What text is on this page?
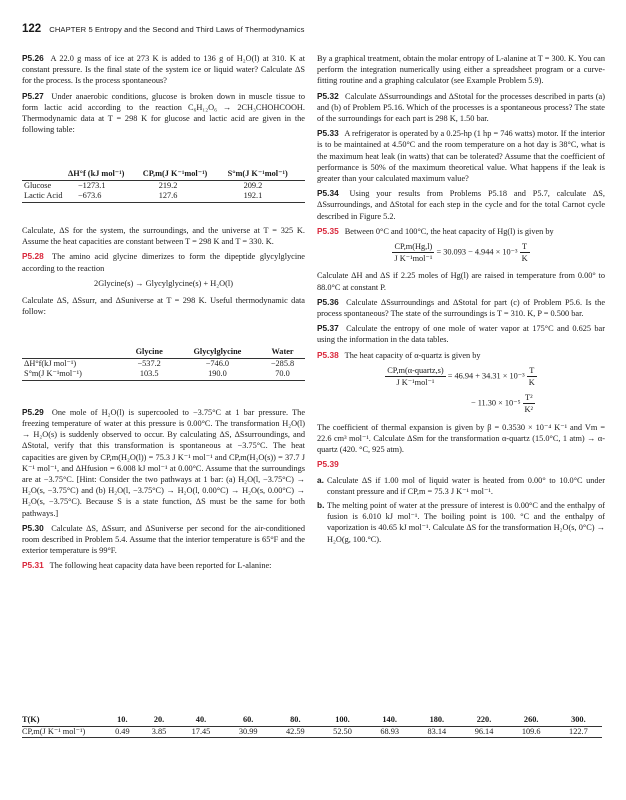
122 CHAPTER 5 Entropy and the Second and Third Laws of Thermodynamics

P5.26 A 22.0 g mass of ice at 273 K is added to 136 g of H₂O(l) at 310. K at constant pressure. Is the final state of the system ice or liquid water? Calculate ΔS for the process. Is the process spontaneous?

P5.27 Under anaerobic conditions, glucose is broken down in muscle tissue to form lactic acid according to the reaction C₆H₁₂O₆ → 2CH₃CHOHCOOH. Thermodynamic data at T = 298 K for glucose and lactic acid are given in the following table:

	ΔH°f (kJ mol⁻¹)	CP,m(J K⁻¹mol⁻¹)	S°m(J K⁻¹mol⁻¹)
Glucose	−1273.1	219.2	209.2
Lactic Acid	−673.6	127.6	192.1

Calculate, ΔS for the system, the surroundings, and the universe at T = 325 K. Assume the heat capacities are constant between T = 298 K and T = 330. K.

P5.28 The amino acid glycine dimerizes to form the dipeptide glycylglycine according to the reaction

2Glycine(s) → Glycylglycine(s) + H₂O(l)

Calculate ΔS, ΔSsurr, and ΔSuniverse at T = 298 K. Useful thermodynamic data follow:

	Glycine	Glycylglycine	Water
ΔH°f(kJ mol⁻¹)	−537.2	−746.0	−285.8
S°m(J K⁻¹mol⁻¹)	103.5	190.0	70.0

P5.29 One mole of H₂O(l) is supercooled to −3.75°C at 1 bar pressure. The freezing temperature of water at this pressure is 0.00°C. The transformation H₂O(l) → H₂O(s) is suddenly observed to occur. By calculating ΔS, ΔSsurroundings, and ΔStotal, verify that this transformation is spontaneous at −3.75°C. The heat capacities are given by CP,m(H₂O(l)) = 75.3 J K⁻¹ mol⁻¹ and CP,m(H₂O(s)) = 37.7 J K⁻¹ mol⁻¹, and ΔHfusion = 6.008 kJ mol⁻¹ at 0.00°C. Assume that the surroundings are at −3.75°C. [Hint: Consider the two pathways at 1 bar: (a) H₂O(l, −3.75°C) → H₂O(s, −3.75°C) and (b) H₂O(l, −3.75°C) → H₂O(l, 0.00°C) → H₂O(s, 0.00°C) → H₂O(s, −3.75°C). Because S is a state function, ΔS must be the same for both pathways.]

P5.30 Calculate ΔS, ΔSsurr, and ΔSuniverse per second for the air-conditioned room described in Problem 5.4. Assume that the interior temperature is 65°F and the exterior temperature is 99°F.

P5.31 The following heat capacity data have been reported for L-alanine:

By a graphical treatment, obtain the molar entropy of L-alanine at T = 300. K. You can perform the integration numerically using either a spreadsheet program or a curve-fitting routine and a graphing calculator (see Example Problem 5.9).

P5.32 Calculate ΔSsurroundings and ΔStotal for the processes described in parts (a) and (b) of Problem P5.16. Which of the processes is a spontaneous process? The state of the surroundings for each part is 298 K, 1.50 bar.

P5.33 A refrigerator is operated by a 0.25-hp (1 hp = 746 watts) motor. If the interior is to be maintained at 4.50°C and the room temperature on a hot day is 38°C, what is the maximum heat leak (in watts) that can be tolerated? Assume that the coefficient of performance is 50% of the maximum theoretical value. What happens if the leak is greater than your calculated maximum value?

P5.34 Using your results from Problems P5.18 and P5.7, calculate ΔS, ΔSsurroundings, and ΔStotal for each step in the cycle and for the total Carnot cycle described in Figure 5.2.

P5.35 Between 0°C and 100°C, the heat capacity of Hg(l) is given by

$\frac{CP,m(Hg,l)}{\text{J K⁻¹mol⁻¹}} = 30.093 - 4.944 \times 10^{-3} \frac{T}{K}$

Calculate ΔH and ΔS if 2.25 moles of Hg(l) are raised in temperature from 0.00° to 88.0°C at constant P.

P5.36 Calculate ΔSsurroundings and ΔStotal for part (c) of Problem P5.6. Is the process spontaneous? The state of the surroundings is T = 310. K, P = 0.500 bar.

P5.37 Calculate the entropy of one mole of water vapor at 175°C and 0.625 bar using the information in the data tables.

P5.38 The heat capacity of α-quartz is given by

$\frac{\text{CP,m(α-quartz,s)}}{\text{J K⁻¹mol⁻¹}} = 46.94 + 34.31 \times 10^{-3} \frac{T}{K}$
− $11.30 \times 10^{-5} \frac{\text{T²}}{\text{K²}}$

The coefficient of thermal expansion is given by β = 0.3530 × 10⁻⁴ K⁻¹ and Vm = 22.6 cm³ mol⁻¹. Calculate ΔSm for the transformation α-quartz (15.0°C, 1 atm) → α-quartz (420. °C, 925 atm).

P5.39

a. Calculate ΔS if 1.00 mol of liquid water is heated from 0.00° to 10.0°C under constant pressure and if CP,m = 75.3 J K⁻¹ mol⁻¹.
b. The melting point of water at the pressure of interest is 0.00°C and the enthalpy of fusion is 6.010 kJ mol⁻¹. The boiling point is 100. °C and the enthalpy of vaporization is 40.65 kJ mol⁻¹. Calculate ΔS for the transformation H₂O(s, 0°C) → H₂O(g, 100.°C).
T(K)	10.	20.	40.	60.	80.	100.	140.	180.	220.	260.	300.
CP,m(J K⁻¹ mol⁻¹)	0.49	3.85	17.45	30.99	42.59	52.50	68.93	83.14	96.14	109.6	122.7
